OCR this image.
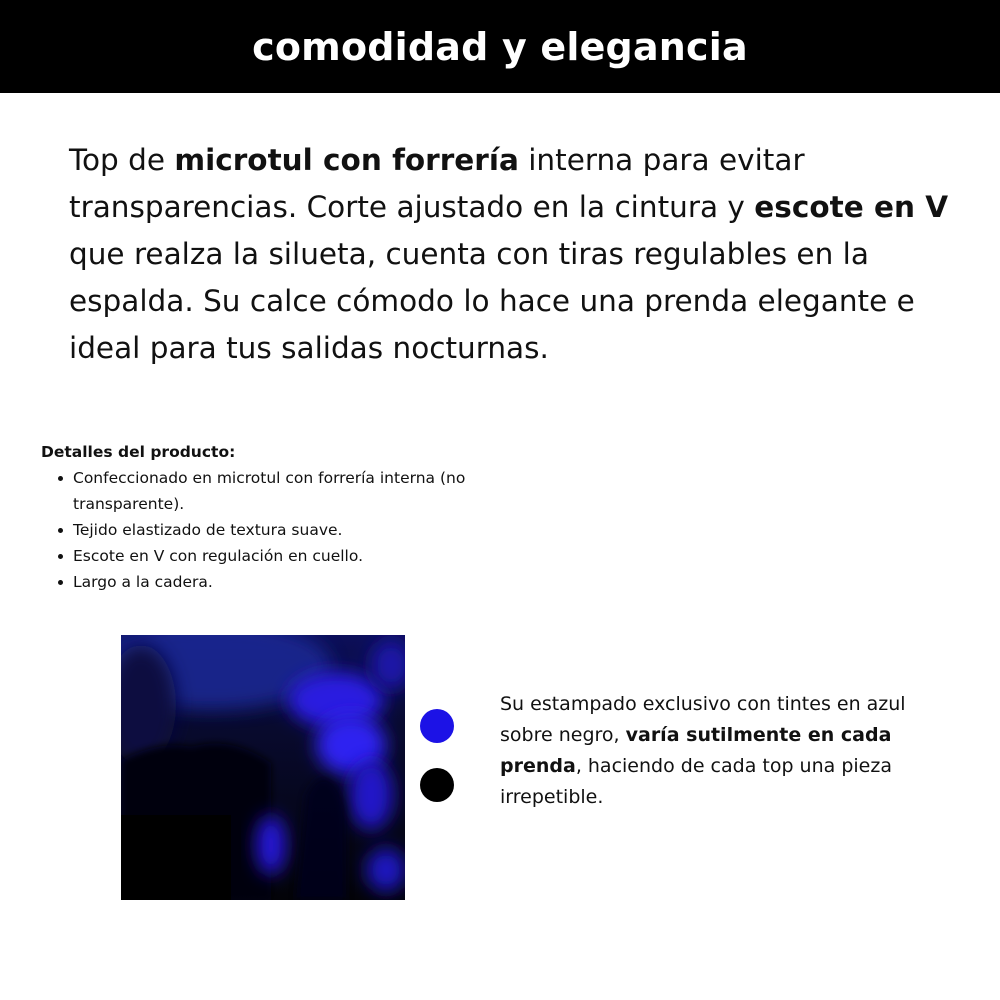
comodidad y elegancia

Top de microtul con forrería interna para evitar transparencias. Corte ajustado en la cintura y escote en V que realza la silueta, cuenta con tiras regulables en la espalda. Su calce cómodo lo hace una prenda elegante e ideal para tus salidas nocturnas.

Detalles del producto:
Confeccionado en microtul con forrería interna (no transparente).
Tejido elastizado de textura suave.
Escote en V con regulación en cuello.
Largo a la cadera.

Su estampado exclusivo con tintes en azul sobre negro, varía sutilmente en cada prenda, haciendo de cada top una pieza irrepetible.
